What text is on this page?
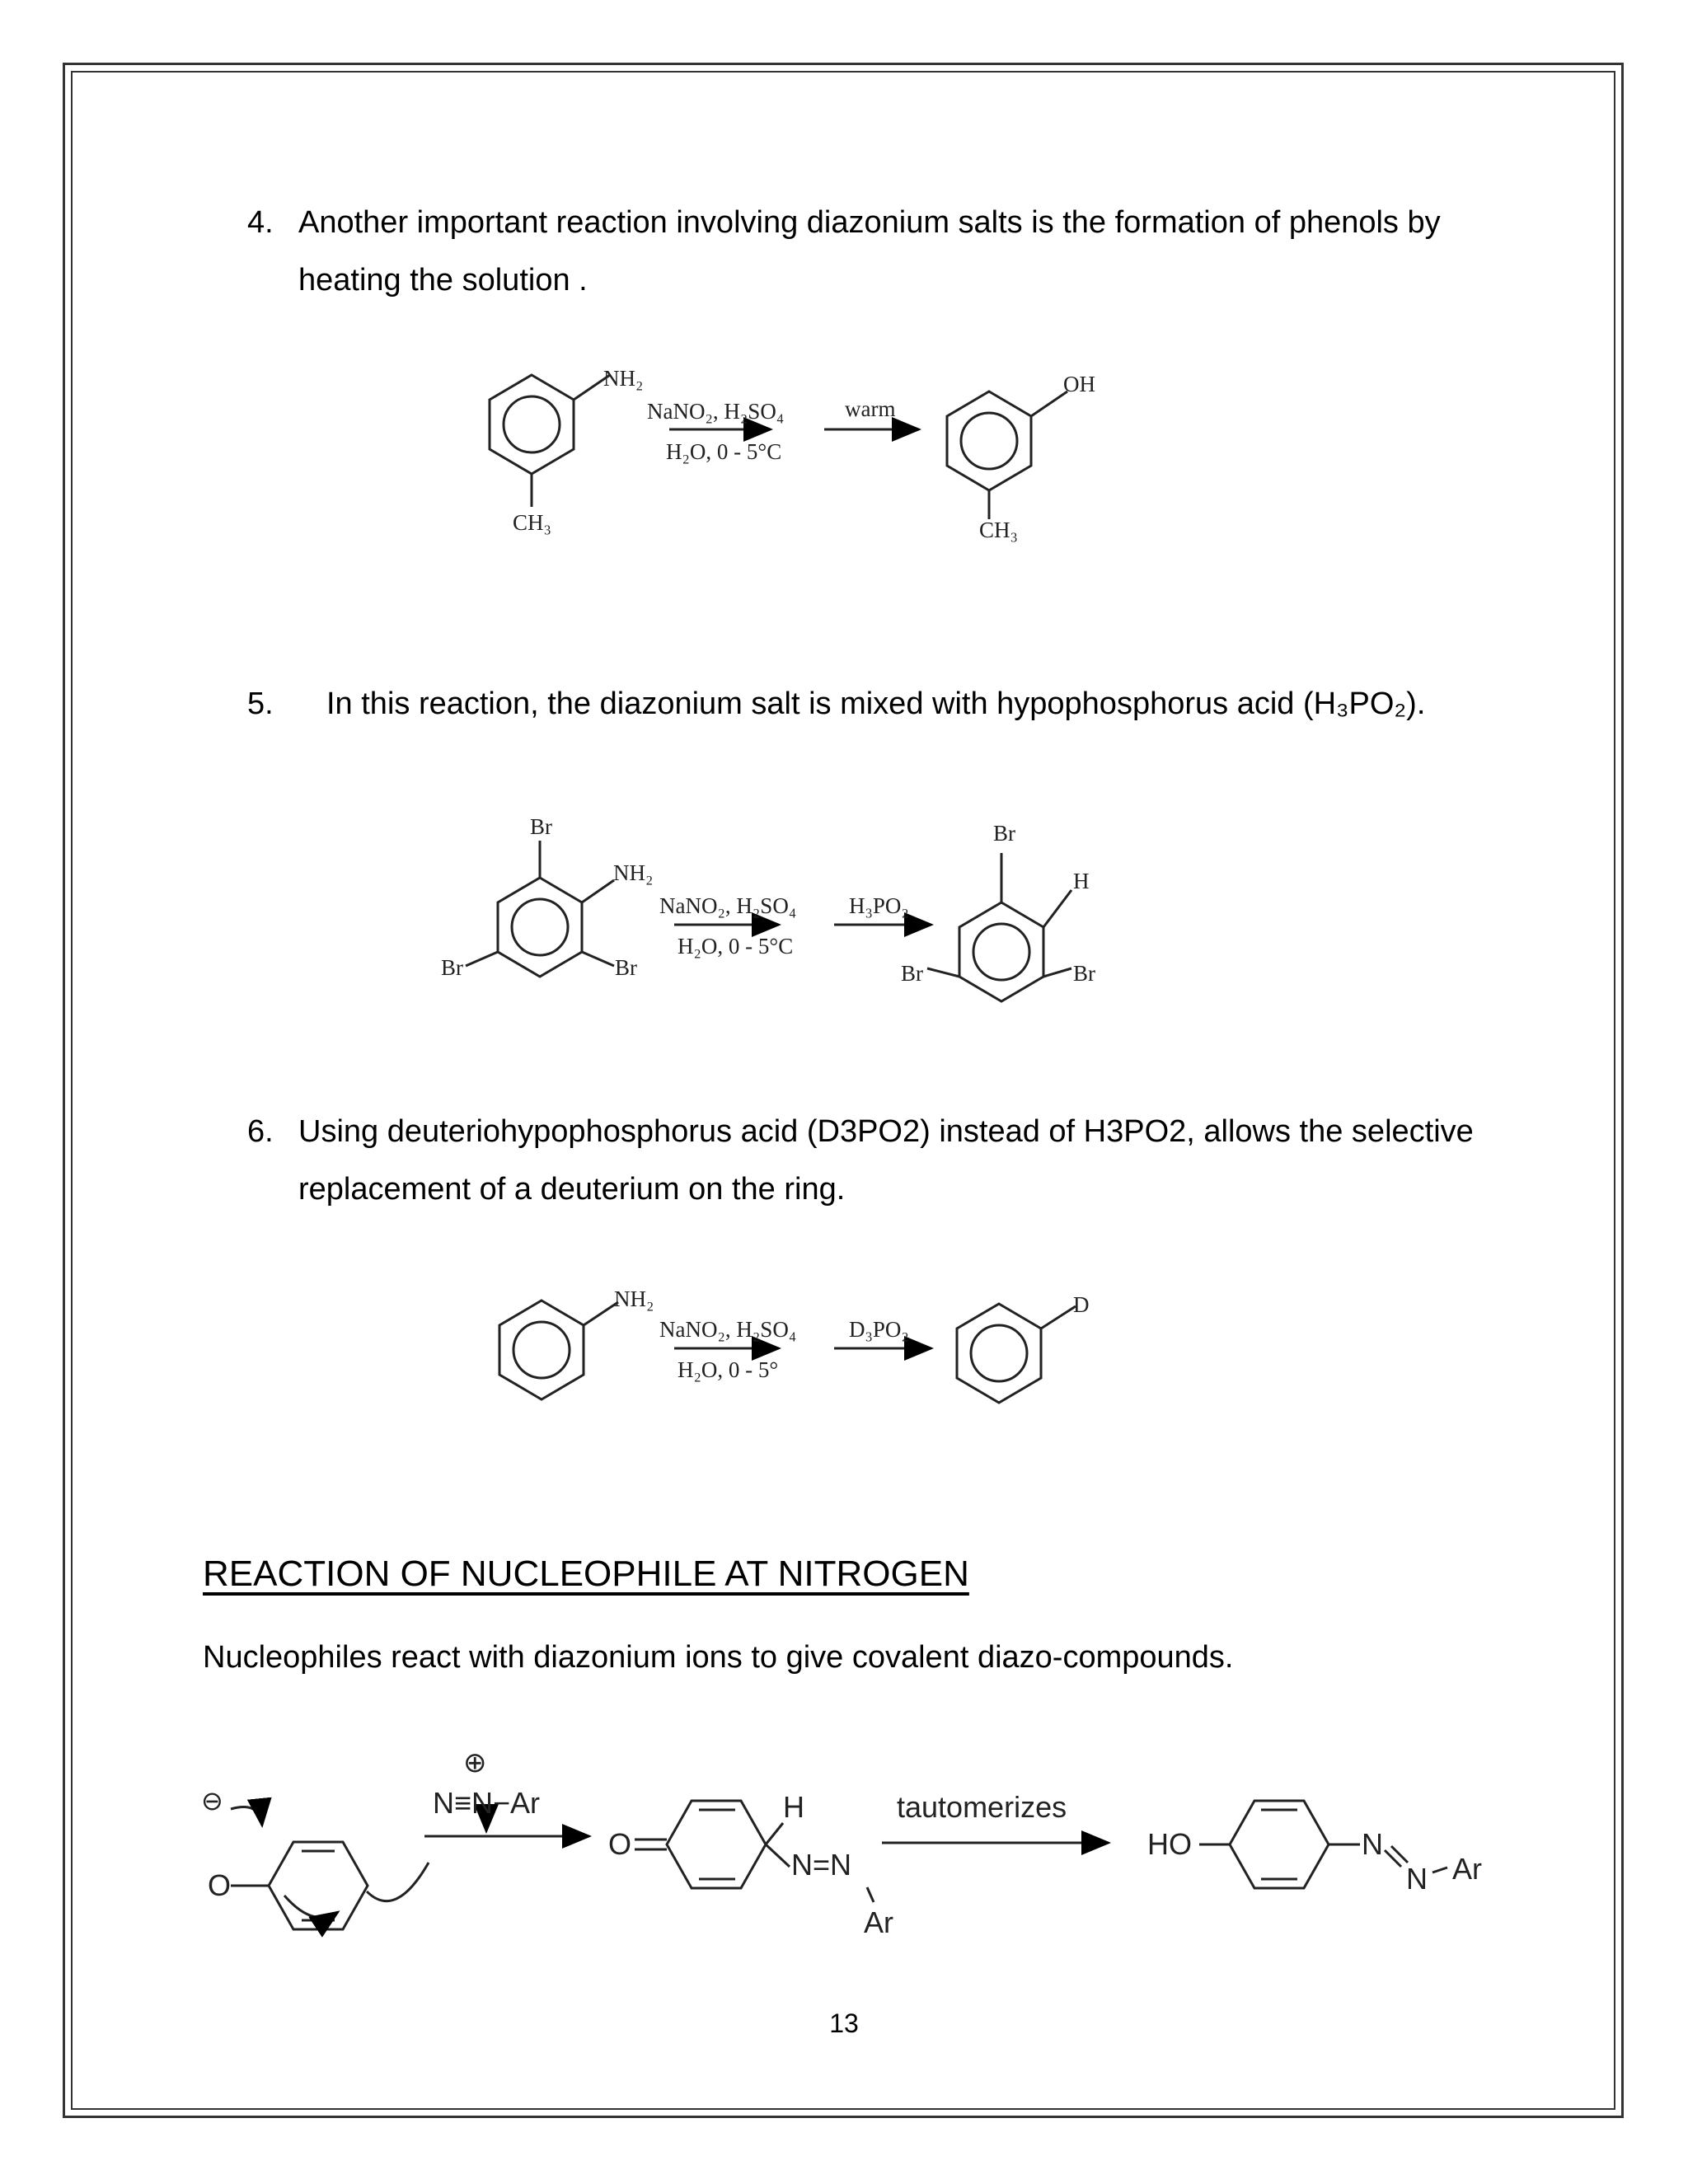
4. Another important reaction involving diazonium salts is the formation of phenols by heating the solution .
5.	In this reaction, the diazonium salt is mixed with hypophosphorus acid (H₃PO₂).
6. Using deuteriohypophosphorus acid (D3PO2) instead of H3PO2, allows the selective replacement of a deuterium on the ring.
REACTION OF NUCLEOPHILE AT NITROGEN
Nucleophiles react with diazonium ions to give covalent diazo-compounds.
13
NH₂
CH₃
NaNO₂, H₂SO₄
H₂O, 0 - 5°C
warm
OH
CH₃
Br
NH₂
Br	Br
NaNO₂, H₂SO₄
H₂O, 0 - 5°C
H₃PO₂
Br
H
Br	Br
NH₂
NaNO₂, H₂SO₄
H₂O, 0 - 5°
D₃PO₂
D
⊖
O
⊕
N≡N−Ar
O
H
N=N
Ar
tautomerizes
HO	N
N Ar
